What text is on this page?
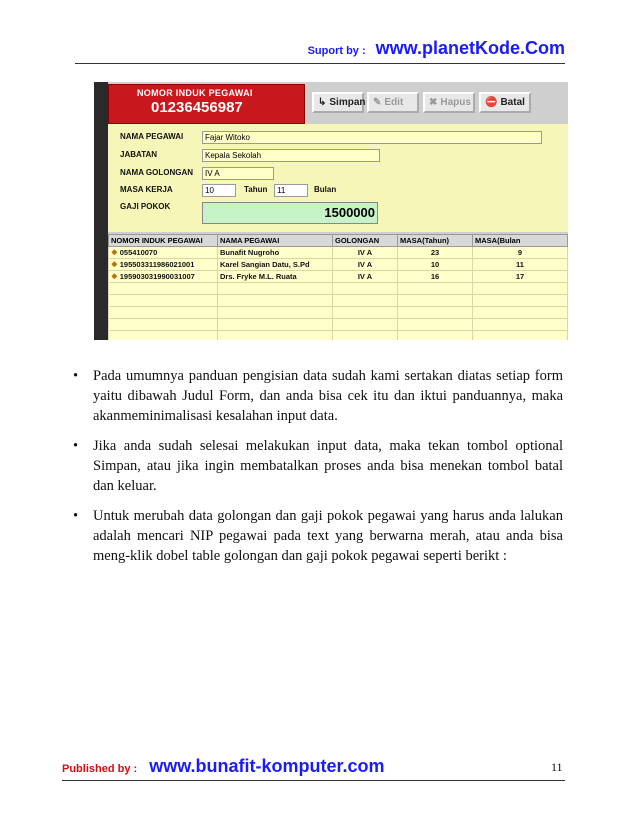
Suport by : www.planetKode.Com
NOMOR INDUK PEGAWAI
01236456987	↳ Simpan ✎ Edit	✖ Hapus ⛔ Batal
NAMA PEGAWAI	Fajar Witoko
JABATAN	Kepala Sekolah
NAMA GOLONGAN	IV A
MASA KERJA	10	Tahun	11	Bulan
GAJI POKOK	1500000
NOMOR INDUK PEGAWAI	NAMA PEGAWAI	GOLONGAN	MASA(Tahun)	MASA(Bulan
❖ 055410070	Bunafit Nugroho	IV A	23	9
❖ 195503311986021001	Karel Sangian Datu, S.Pd	IV A	10	11
❖ 195903031990031007	Drs. Fryke M.L. Ruata	IV A	16	17

• Pada umumnya panduan pengisian data sudah kami sertakan diatas setiap form yaitu dibawah Judul Form, dan anda bisa cek itu dan iktui panduannya, maka akanmeminimalisasi kesalahan input data.
• Jika anda sudah selesai melakukan input data, maka tekan tombol optional Simpan, atau jika ingin membatalkan proses anda bisa menekan tombol batal dan keluar.
• Untuk merubah data golongan dan gaji pokok pegawai yang harus anda lalukan adalah mencari NIP pegawai pada text yang berwarna merah, atau anda bisa meng-klik dobel table golongan dan gaji pokok pegawai seperti berikt :
Published by : www.bunafit-komputer.com	11
